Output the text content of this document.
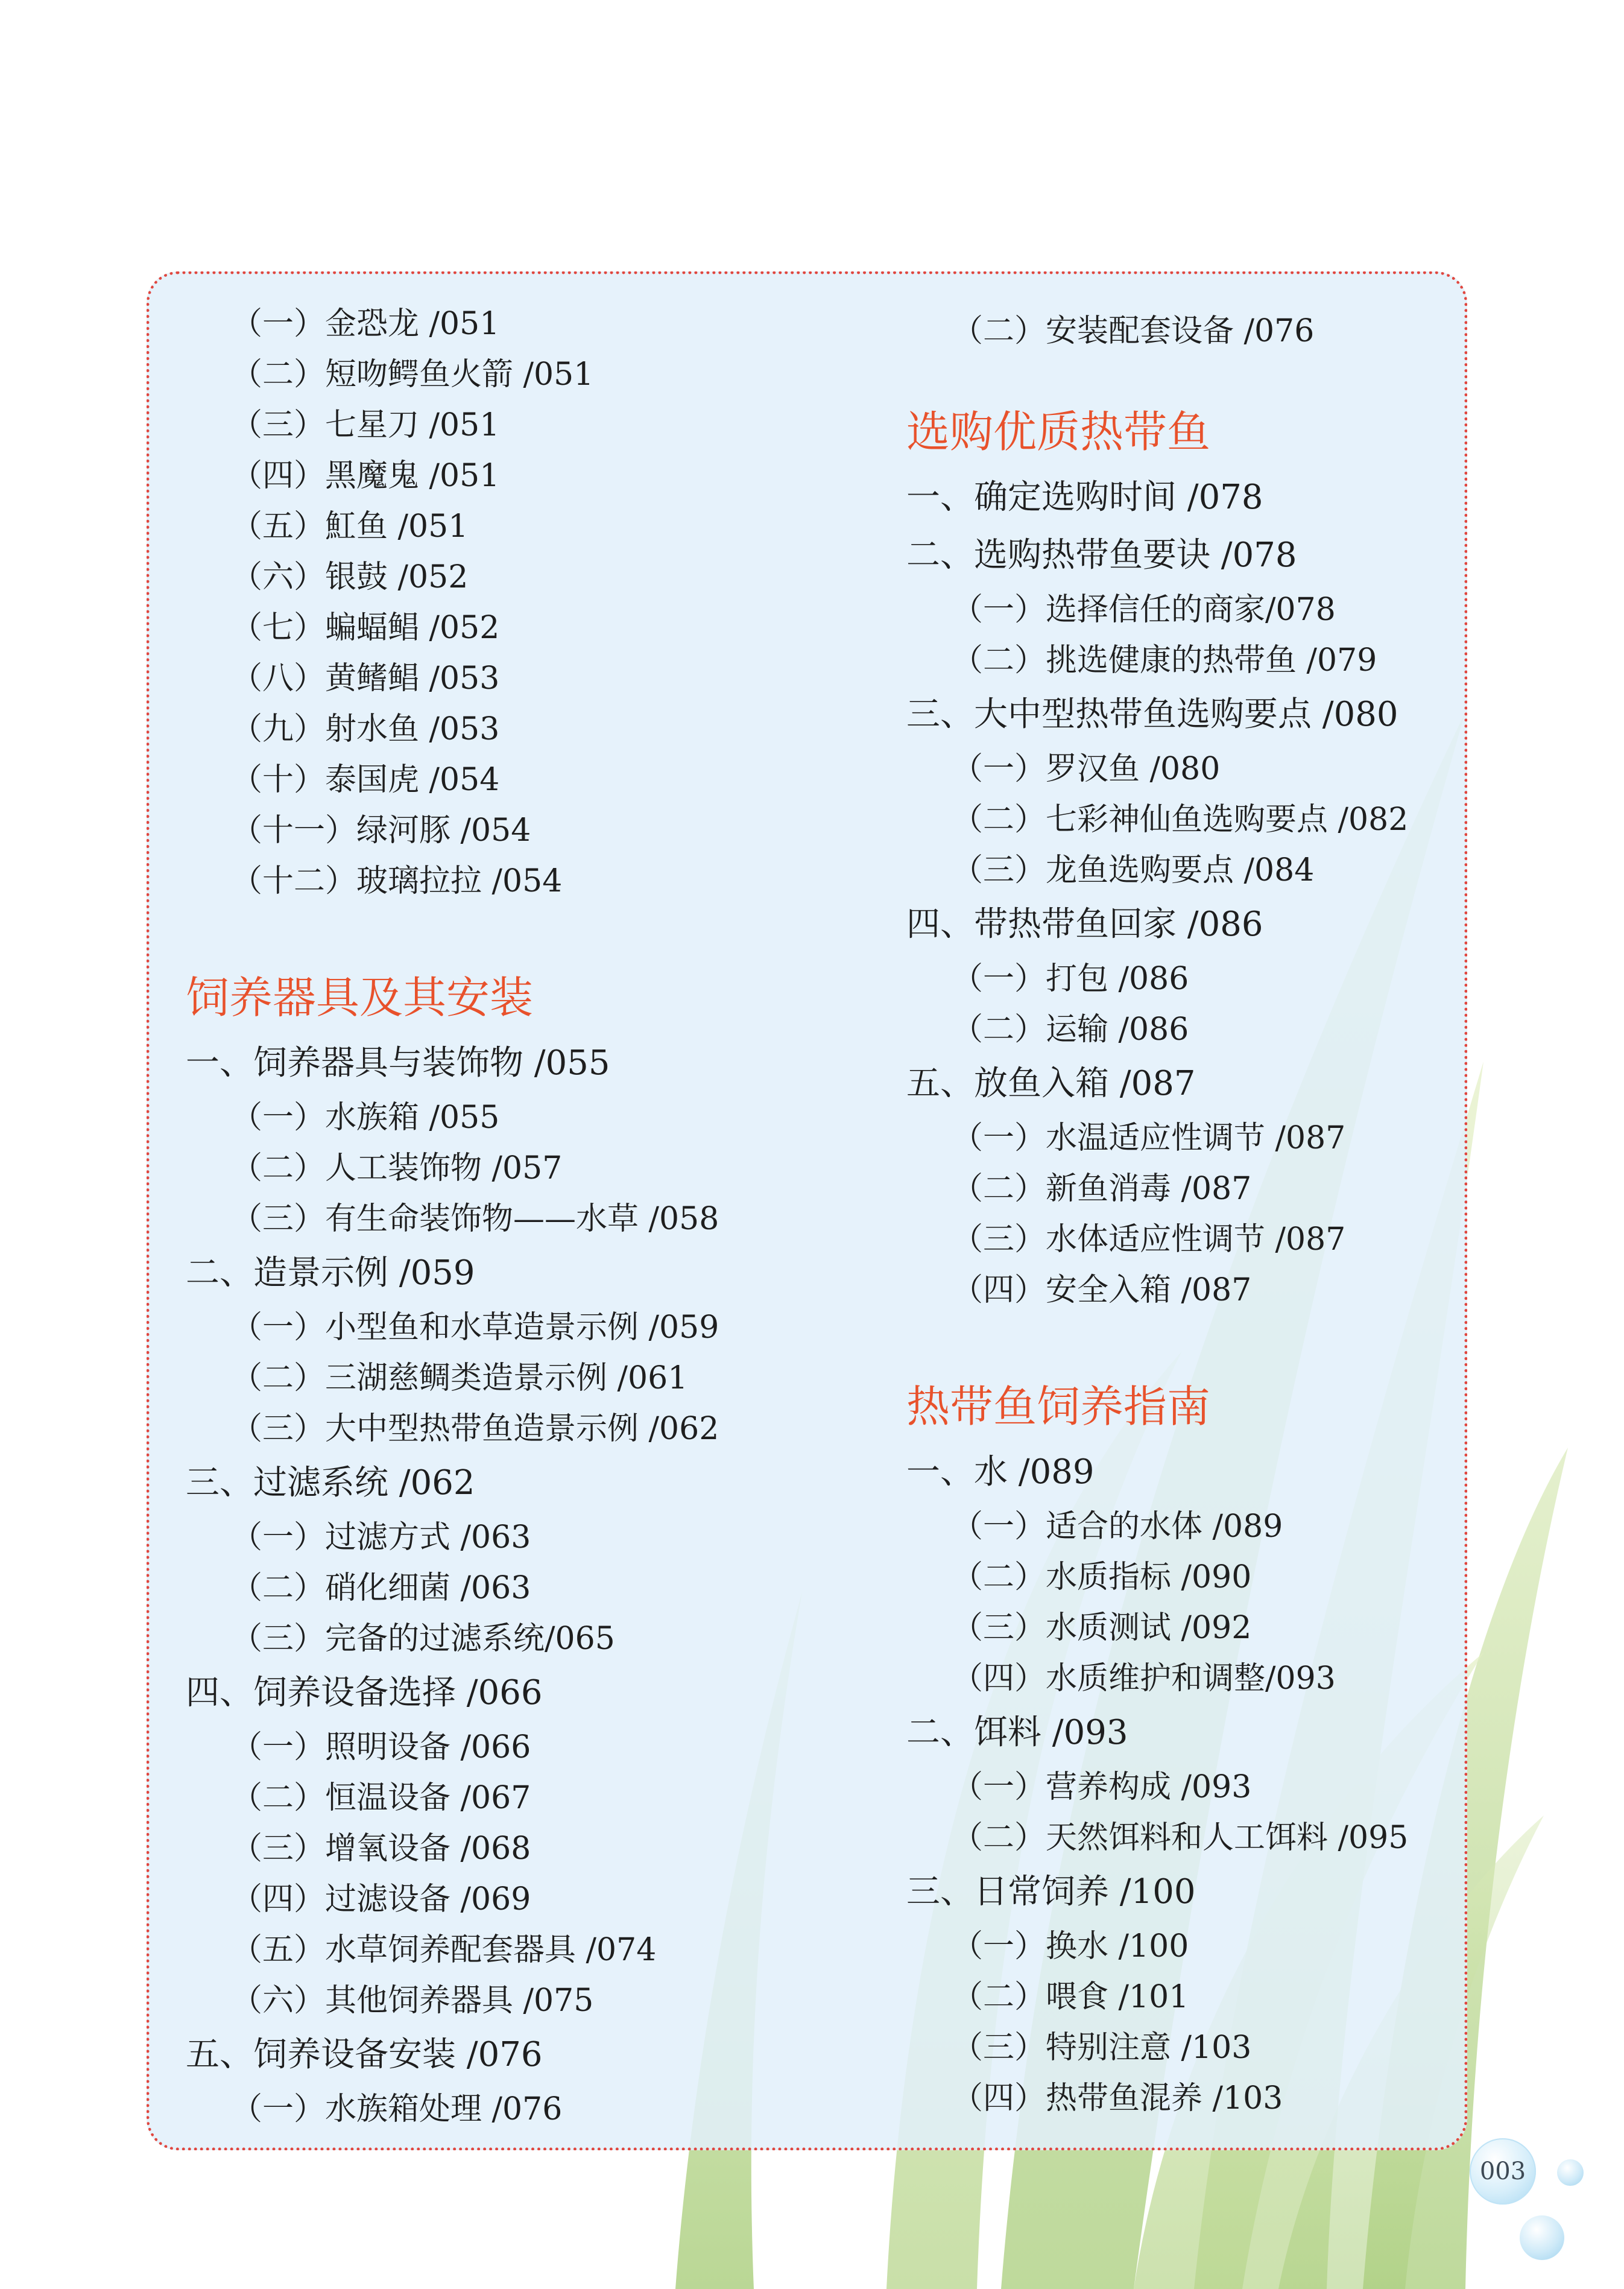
（一）金恐龙 /051
（二）短吻鳄鱼火箭 /051
（三）七星刀 /051
（四）黑魔鬼 /051
（五）魟鱼 /051
（六）银鼓 /052
（七）蝙蝠鲳 /052
（八）黄鳍鲳 /053
（九）射水鱼 /053
（十）泰国虎 /054
（十一）绿河豚 /054
（十二）玻璃拉拉 /054
饲养器具及其安装
一、饲养器具与装饰物 /055
（一）水族箱 /055
（二）人工装饰物 /057
（三）有生命装饰物——水草 /058
二、造景示例 /059
（一）小型鱼和水草造景示例 /059
（二）三湖慈鲷类造景示例 /061
（三）大中型热带鱼造景示例 /062
三、过滤系统 /062
（一）过滤方式 /063
（二）硝化细菌 /063
（三）完备的过滤系统/065
四、饲养设备选择 /066
（一）照明设备 /066
（二）恒温设备 /067
（三）增氧设备 /068
（四）过滤设备 /069
（五）水草饲养配套器具 /074
（六）其他饲养器具 /075
五、饲养设备安装 /076
（一）水族箱处理 /076
（二）安装配套设备 /076
选购优质热带鱼
一、确定选购时间 /078
二、选购热带鱼要诀 /078
（一）选择信任的商家/078
（二）挑选健康的热带鱼 /079
三、大中型热带鱼选购要点 /080
（一）罗汉鱼 /080
（二）七彩神仙鱼选购要点 /082
（三）龙鱼选购要点 /084
四、带热带鱼回家 /086
（一）打包 /086
（二）运输 /086
五、放鱼入箱 /087
（一）水温适应性调节 /087
（二）新鱼消毒 /087
（三）水体适应性调节 /087
（四）安全入箱 /087
热带鱼饲养指南
一、水 /089
（一）适合的水体 /089
（二）水质指标 /090
（三）水质测试 /092
（四）水质维护和调整/093
二、饵料 /093
（一）营养构成 /093
（二）天然饵料和人工饵料 /095
三、日常饲养 /100
（一）换水 /100
（二）喂食 /101
（三）特别注意 /103
（四）热带鱼混养 /103
003
